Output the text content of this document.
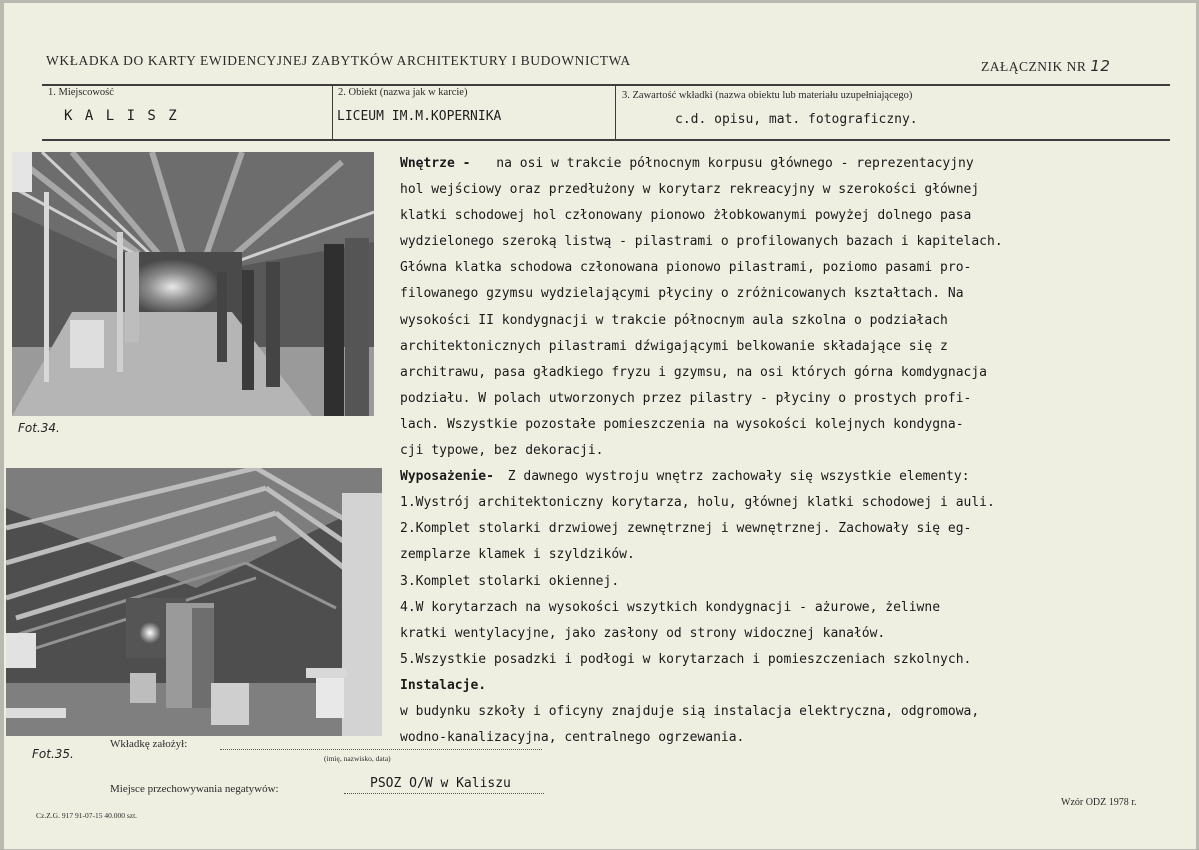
WKŁADKA DO KARTY EWIDENCYJNEJ ZABYTKÓW ARCHITEKTURY I BUDOWNICTWA	ZAŁĄCZNIK NR 12
1. Miejscowość
K A L I S Z
2. Obiekt (nazwa jak w karcie)
LICEUM IM.M.KOPERNIKA
3. Zawartość wkładki (nazwa obiektu lub materiału uzupełniającego)
c.d. opisu, mat. fotograficzny.
Fot.34.
Fot.35.
Wnętrze - na osi w trakcie północnym korpusu głównego - reprezentacyjny
hol wejściowy oraz przedłużony w korytarz rekreacyjny w szerokości głównej
klatki schodowej hol członowany pionowo żłobkowanymi powyżej dolnego pasa
wydzielonego szeroką listwą - pilastrami o profilowanych bazach i kapitelach.
Główna klatka schodowa członowana pionowo pilastrami, poziomo pasami pro-
filowanego gzymsu wydzielającymi płyciny o zróżnicowanych kształtach. Na
wysokości II kondygnacji w trakcie północnym aula szkolna o podziałach
architektonicznych pilastrami dźwigającymi belkowanie składające się z
architrawu, pasa gładkiego fryzu i gzymsu, na osi których górna komdygnacja
podziału. W polach utworzonych przez pilastry - płyciny o prostych profi-
lach. Wszystkie pozostałe pomieszczenia na wysokości kolejnych kondygna-
cji typowe, bez dekoracji.
Wyposażenie- Z dawnego wystroju wnętrz zachowały się wszystkie elementy:
1.Wystrój architektoniczny korytarza, holu, głównej klatki schodowej i auli.
2.Komplet stolarki drzwiowej zewnętrznej i wewnętrznej. Zachowały się eg-
zemplarze klamek i szyldzików.
3.Komplet stolarki okiennej.
4.W korytarzach na wysokości wszytkich kondygnacji - ażurowe, żeliwne
kratki wentylacyjne, jako zasłony od strony widocznej kanałów.
5.Wszystkie posadzki i podłogi w korytarzach i pomieszczeniach szkolnych.
Instalacje.
w budynku szkoły i oficyny znajduje sią instalacja elektryczna, odgromowa,
wodno-kanalizacyjna, centralnego ogrzewania.
Wkładkę założył:
(imię, nazwisko, data)
Miejsce przechowywania negatywów:	PSOZ O/W w Kaliszu
Cz.Z.G. 917 91-07-15 40.000 szt.
Wzór ODZ 1978 r.
